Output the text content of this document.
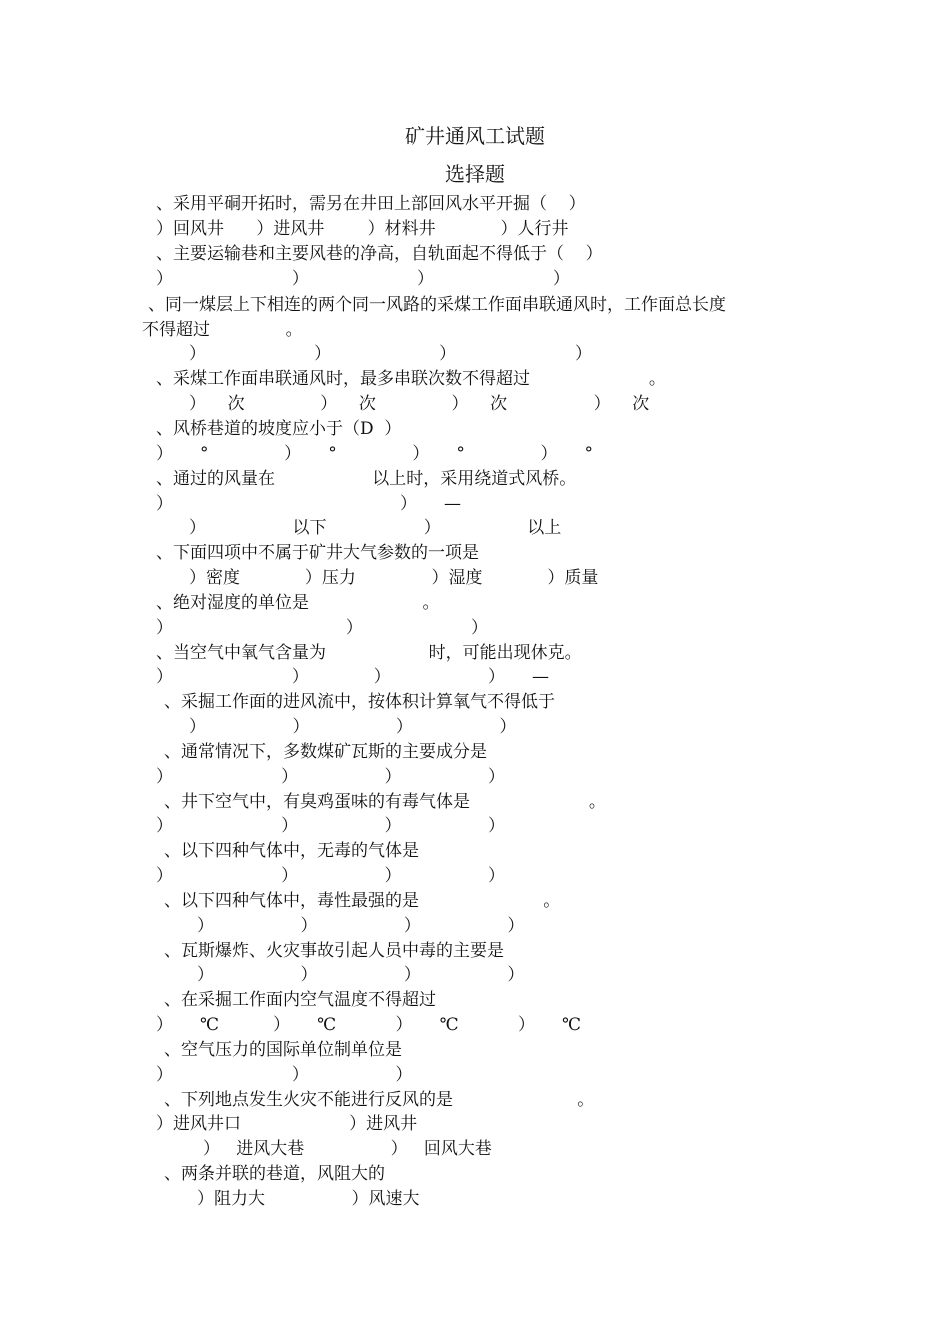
矿井通风工试题
选择题
、采用平硐开拓时，需另在井田上部回风水平开掘（    ）
）回风井      ）进风井        ）材料井            ）人行井
、主要运输巷和主要风巷的净高，自轨面起不得低于（    ）
）                      ）                    ）                      ）
、同一煤层上下相连的两个同一风路的采煤工作面串联通风时，工作面总长度
不得超过              。
）                    ）                    ）                      ）
、采煤工作面串联通风时，最多串联次数不得超过                      。
）    次              ）    次              ）    次                ）    次
、风桥巷道的坡度应小于（D  ）
）     °              ）     °              ）     °              ）     °
、通过的风量在                  以上时，采用绕道式风桥。
）                                          ）     —
）                以下                  ）                以上
、下面四项中不属于矿井大气参数的一项是
）密度            ）压力              ）湿度            ）质量
、绝对湿度的单位是                     。
）                                ）                    ）
、当空气中氧气含量为                   时，可能出现休克。
）                      ）            ）                  ）     —
、采掘工作面的进风流中，按体积计算氧气不得低于
）                ）                ）                ）
、通常情况下，多数煤矿瓦斯的主要成分是
）                    ）                ）                ）
、井下空气中，有臭鸡蛋味的有毒气体是                      。
）                    ）                ）                ）
、以下四种气体中，无毒的气体是
）                    ）                ）                ）
、以下四种气体中，毒性最强的是                       。
）                ）                ）                ）
、瓦斯爆炸、火灾事故引起人员中毒的主要是
）                ）                ）                ）
、在采掘工作面内空气温度不得超过
）     ℃          ）     ℃           ）     ℃           ）     ℃
、空气压力的国际单位制单位是
）                      ）                ）
、下列地点发生火灾不能进行反风的是                       。
）进风井口                    ）进风井
）   进风大巷                ）   回风大巷
、两条并联的巷道，风阻大的
）阻力大                ）风速大
